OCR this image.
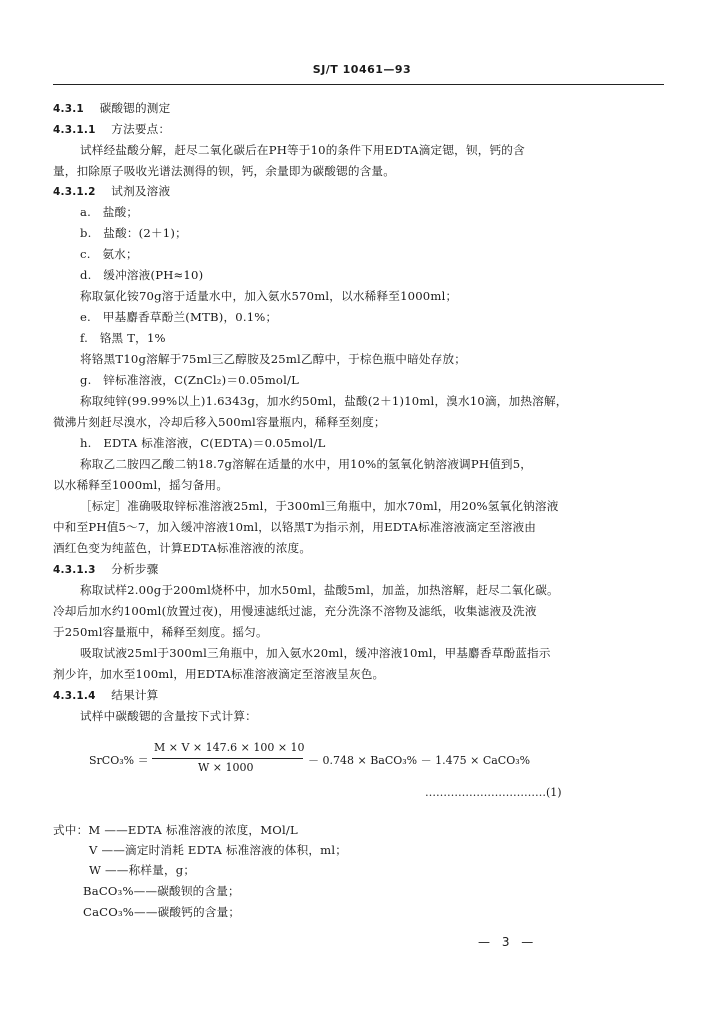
SJ/T 10461—93
4.3.1　 碳酸锶的测定
4.3.1.1　 方法要点：
试样经盐酸分解，赶尽二氧化碳后在PH等于10的条件下用EDTA滴定锶，钡，钙的含
量，扣除原子吸收光谱法测得的钡，钙，余量即为碳酸锶的含量。
4.3.1.2　 试剂及溶液
a.　盐酸；
b.　盐酸：(2＋1)；
c.　氨水；
d.　缓冲溶液(PH≈10)
称取氯化铵70g溶于适量水中，加入氨水570ml，以水稀释至1000ml；
e.　甲基麝香草酚兰(MTB)，0.1%；
f.　铬黑 T，1%
将铬黑T10g溶解于75ml三乙醇胺及25ml乙醇中，于棕色瓶中暗处存放；
g.　锌标准溶液，C(ZnCl₂)＝0.05mol/L
称取纯锌(99.99%以上)1.6343g，加水约50ml，盐酸(2＋1)10ml，溴水10滴，加热溶解，
微沸片刻赶尽溴水，冷却后移入500ml容量瓶内，稀释至刻度；
h.　EDTA 标准溶液，C(EDTA)＝0.05mol/L
称取乙二胺四乙酸二钠18.7g溶解在适量的水中，用10%的氢氧化钠溶液调PH值到5，
以水稀释至1000ml，摇匀备用。
［标定］准确吸取锌标准溶液25ml，于300ml三角瓶中，加水70ml，用20%氢氧化钠溶液
中和至PH值5～7，加入缓冲溶液10ml，以铬黑T为指示剂，用EDTA标准溶液滴定至溶液由
酒红色变为纯蓝色，计算EDTA标准溶液的浓度。
4.3.1.3　 分析步骤
称取试样2.00g于200ml烧杯中，加水50ml，盐酸5ml，加盖，加热溶解，赶尽二氧化碳。
冷却后加水约100ml(放置过夜)，用慢速滤纸过滤，充分洗涤不溶物及滤纸，收集滤液及洗液
于250ml容量瓶中，稀释至刻度。摇匀。
吸取试液25ml于300ml三角瓶中，加入氨水20ml，缓冲溶液10ml，甲基麝香草酚蓝指示
剂少许，加水至100ml，用EDTA标准溶液滴定至溶液呈灰色。
4.3.1.4　 结果计算
试样中碳酸锶的含量按下式计算：
SrCO₃% ＝
M × V × 147.6 × 100 × 10
W × 1000
－ 0.748 × BaCO₃% － 1.475 × CaCO₃%
……………………………(1)
式中：M ——EDTA 标准溶液的浓度，MOl/L
V ——滴定时消耗 EDTA 标准溶液的体积，ml；
W ——称样量，g；
BaCO₃%——碳酸钡的含量；
CaCO₃%——碳酸钙的含量；
— 3 —
